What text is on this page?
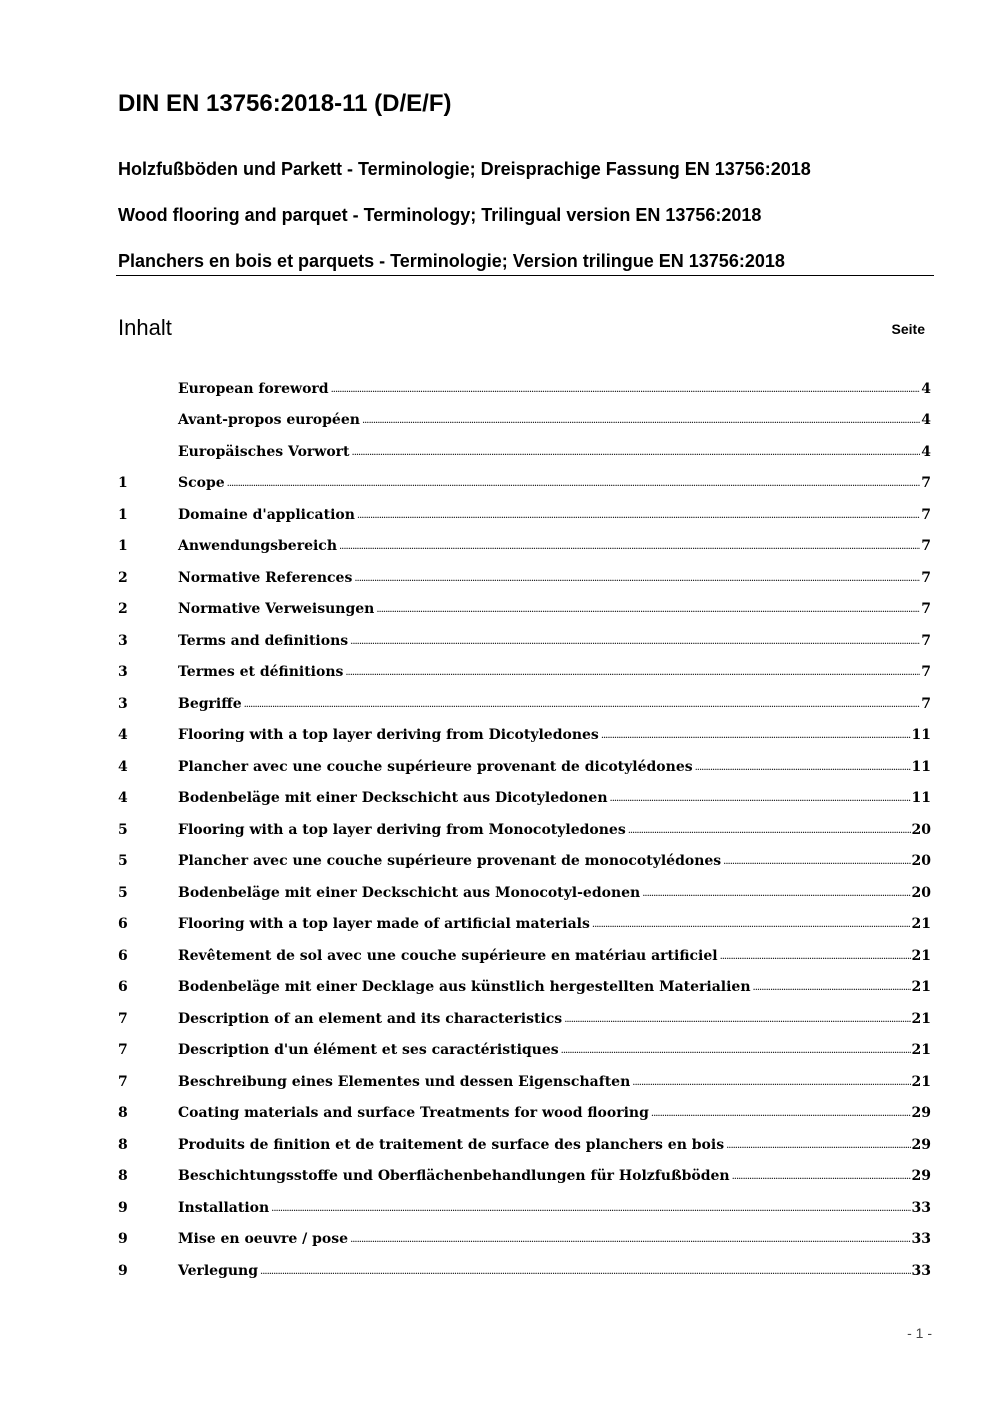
DIN EN 13756:2018-11 (D/E/F)
Holzfußböden und Parkett - Terminologie; Dreisprachige Fassung EN 13756:2018
Wood flooring and parquet - Terminology; Trilingual version EN 13756:2018
Planchers en bois et parquets - Terminologie; Version trilingue EN 13756:2018
Inhalt	Seite
European foreword .....	4
Avant-propos européen .....	4
Europäisches Vorwort .....	4
1	Scope .....	7
1	Domaine d'application .....	7
1	Anwendungsbereich .....	7
2	Normative References .....	7
2	Normative Verweisungen .....	7
3	Terms and definitions .....	7
3	Termes et définitions .....	7
3	Begriffe .....	7
4	Flooring with a top layer deriving from Dicotyledones .....	11
4	Plancher avec une couche supérieure provenant de dicotylédones .....	11
4	Bodenbeläge mit einer Deckschicht aus Dicotyledonen .....	11
5	Flooring with a top layer deriving from Monocotyledones .....	20
5	Plancher avec une couche supérieure provenant de monocotylédones .....	20
5	Bodenbeläge mit einer Deckschicht aus Monocotyl-edonen .....	20
6	Flooring with a top layer made of artificial materials .....	21
6	Revêtement de sol avec une couche supérieure en matériau artificiel .....	21
6	Bodenbeläge mit einer Decklage aus künstlich hergestellten Materialien .....	21
7	Description of an element and its characteristics .....	21
7	Description d'un élément et ses caractéristiques .....	21
7	Beschreibung eines Elementes und dessen Eigenschaften .....	21
8	Coating materials and surface Treatments for wood flooring .....	29
8	Produits de finition et de traitement de surface des planchers en bois .....	29
8	Beschichtungsstoffe und Oberflächenbehandlungen für Holzfußböden .....	29
9	Installation .....	33
9	Mise en oeuvre / pose .....	33
9	Verlegung .....	33
- 1 -
